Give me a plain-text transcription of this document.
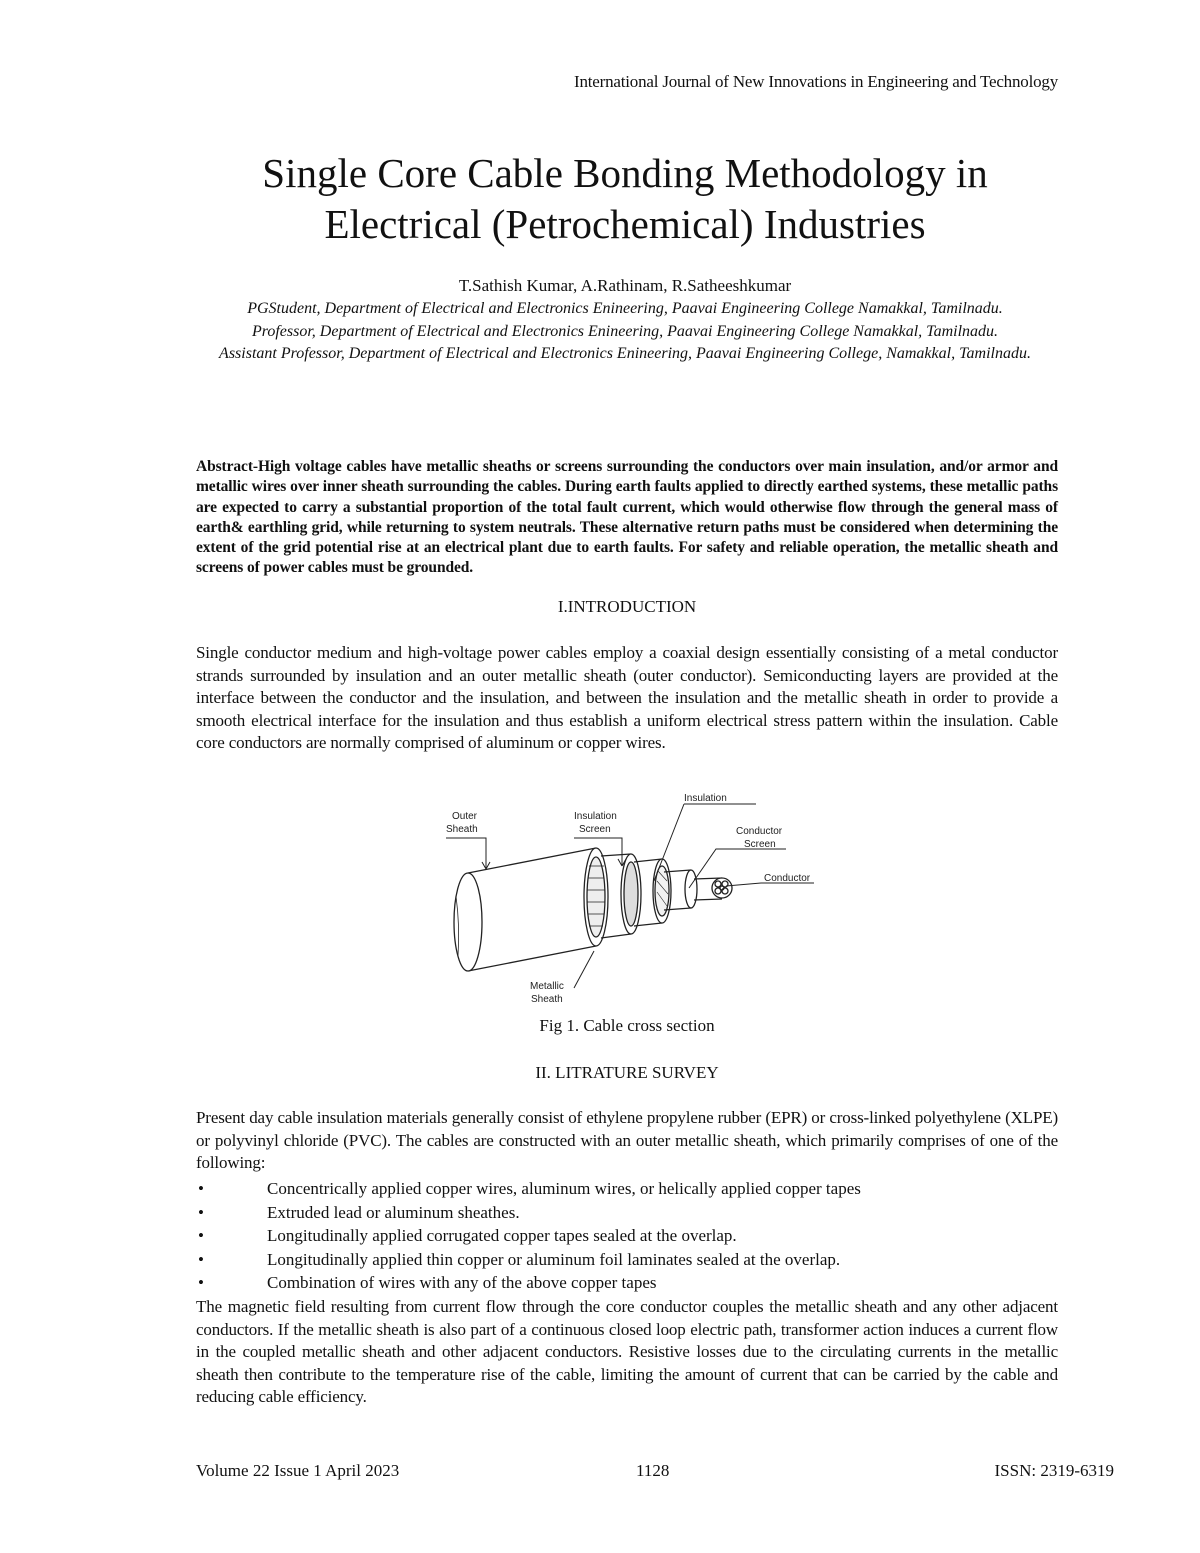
International Journal of New Innovations in Engineering and Technology
Single Core Cable Bonding Methodology in
Electrical (Petrochemical) Industries
T.Sathish Kumar, A.Rathinam, R.Satheeshkumar
PGStudent, Department of Electrical and Electronics Enineering, Paavai Engineering College Namakkal, Tamilnadu.
Professor, Department of Electrical and Electronics Enineering, Paavai Engineering College Namakkal, Tamilnadu.
Assistant Professor, Department of Electrical and Electronics Enineering, Paavai Engineering College, Namakkal, Tamilnadu.
Abstract-High voltage cables have metallic sheaths or screens surrounding the conductors over main insulation, and/or armor and metallic wires over inner sheath surrounding the cables. During earth faults applied to directly earthed systems, these metallic paths are expected to carry a substantial proportion of the total fault current, which would otherwise flow through the general mass of earth& earthling grid, while returning to system neutrals. These alternative return paths must be considered when determining the extent of the grid potential rise at an electrical plant due to earth faults. For safety and reliable operation, the metallic sheath and screens of power cables must be grounded.
I.INTRODUCTION
Single conductor medium and high-voltage power cables employ a coaxial design essentially consisting of a metal conductor strands surrounded by insulation and an outer metallic sheath (outer conductor). Semiconducting layers are provided at the interface between the conductor and the insulation, and between the insulation and the metallic sheath in order to provide a smooth electrical interface for the insulation and thus establish a uniform electrical stress pattern within the insulation. Cable core conductors are normally comprised of aluminum or copper wires.
Outer
Sheath
Insulation
Screen
Insulation
Conductor
Screen
Conductor
Metallic
Sheath
Fig 1. Cable cross section
II. LITRATURE SURVEY
Present day cable insulation materials generally consist of ethylene propylene rubber (EPR) or cross-linked polyethylene (XLPE) or polyvinyl chloride (PVC). The cables are constructed with an outer metallic sheath, which primarily comprises of one of the following:
•	Concentrically applied copper wires, aluminum wires, or helically applied copper tapes
•	Extruded lead or aluminum sheathes.
•	Longitudinally applied corrugated copper tapes sealed at the overlap.
•	Longitudinally applied thin copper or aluminum foil laminates sealed at the overlap.
•	Combination of wires with any of the above copper tapes
The magnetic field resulting from current flow through the core conductor couples the metallic sheath and any other adjacent conductors. If the metallic sheath is also part of a continuous closed loop electric path, transformer action induces a current flow in the coupled metallic sheath and other adjacent conductors. Resistive losses due to the circulating currents in the metallic sheath then contribute to the temperature rise of the cable, limiting the amount of current that can be carried by the cable and reducing cable efficiency.
Volume 22 Issue 1 April 2023	1128	ISSN: 2319-6319
